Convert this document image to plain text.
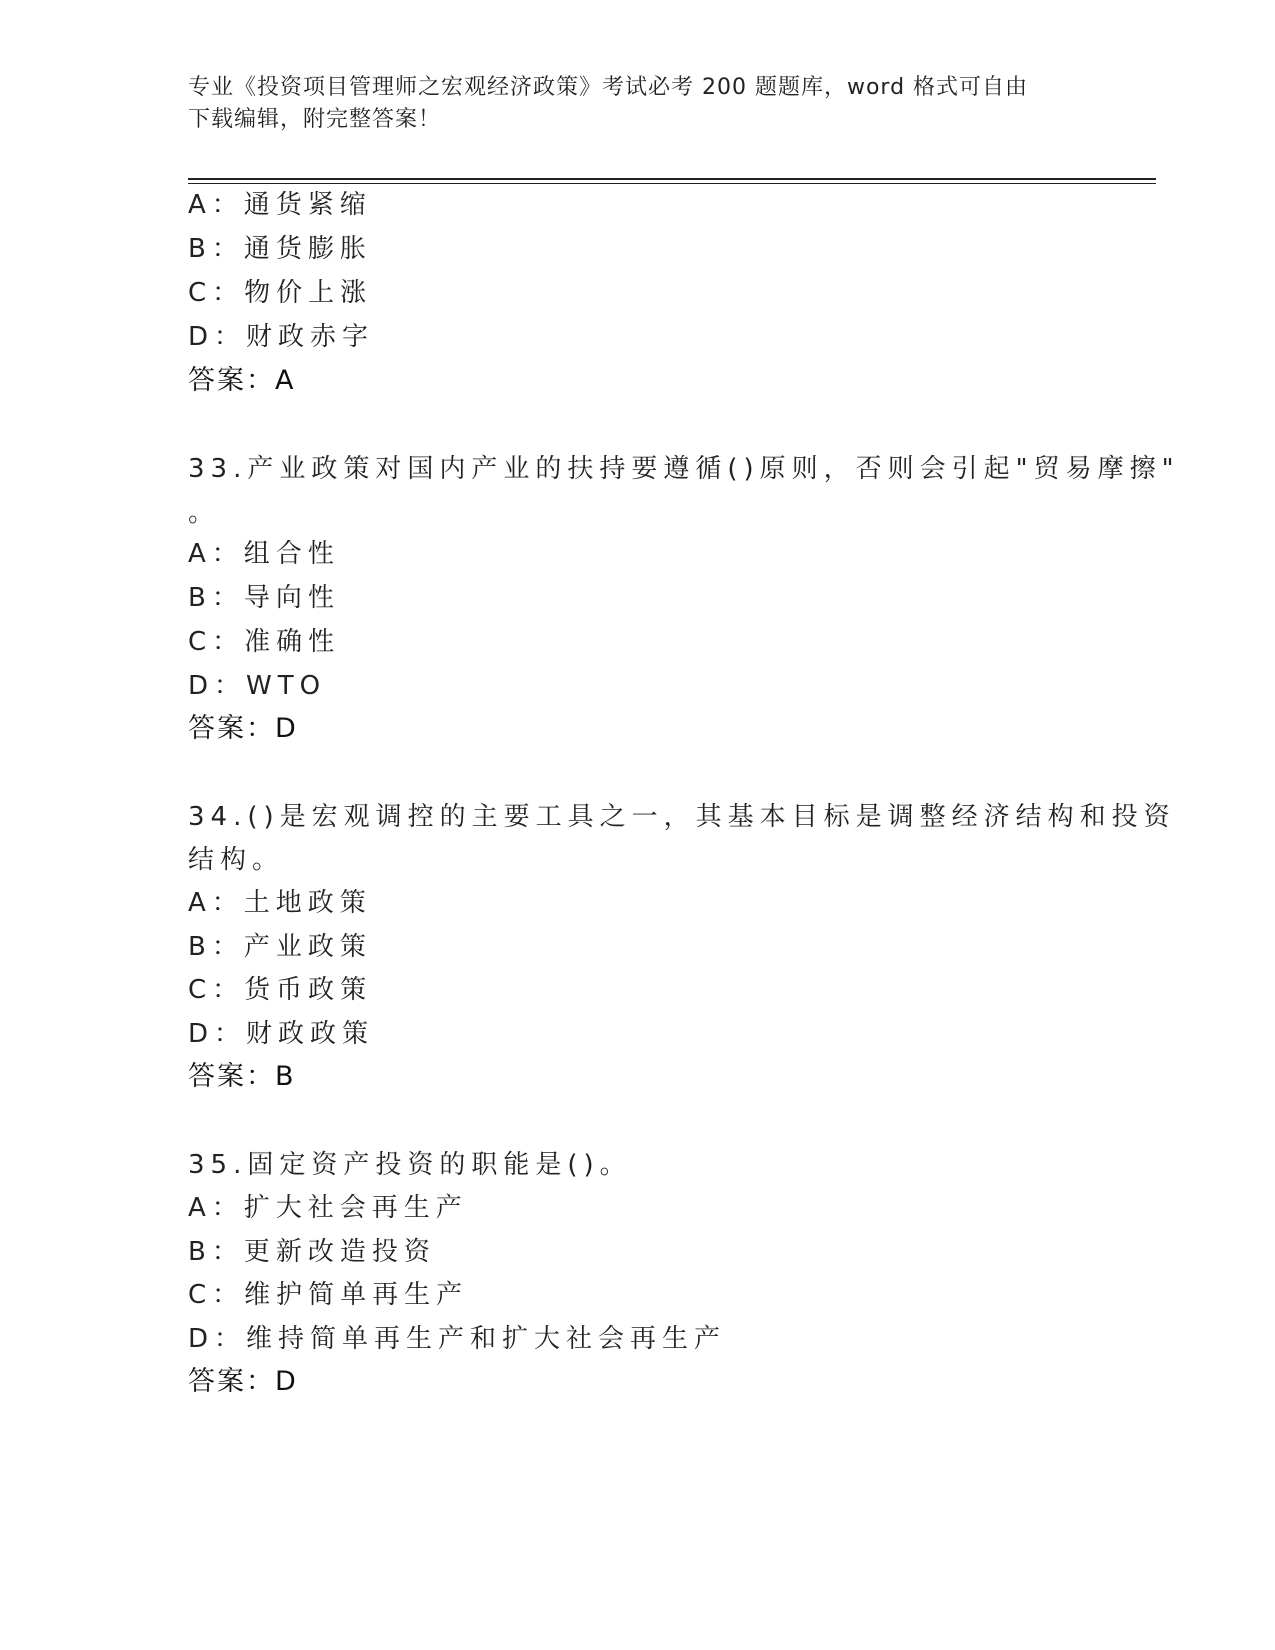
专业《投资项目管理师之宏观经济政策》考试必考 200 题题库，word 格式可自由
下载编辑，附完整答案！
A：通货紧缩
B：通货膨胀
C：物价上涨
D：财政赤字
答案：A
33.产业政策对国内产业的扶持要遵循()原则，否则会引起"贸易摩擦"
。
A：组合性
B：导向性
C：准确性
D：WTO
答案：D
34.()是宏观调控的主要工具之一，其基本目标是调整经济结构和投资
结构。
A：土地政策
B：产业政策
C：货币政策
D：财政政策
答案：B
35.固定资产投资的职能是()。
A：扩大社会再生产
B：更新改造投资
C：维护简单再生产
D：维持简单再生产和扩大社会再生产
答案：D
